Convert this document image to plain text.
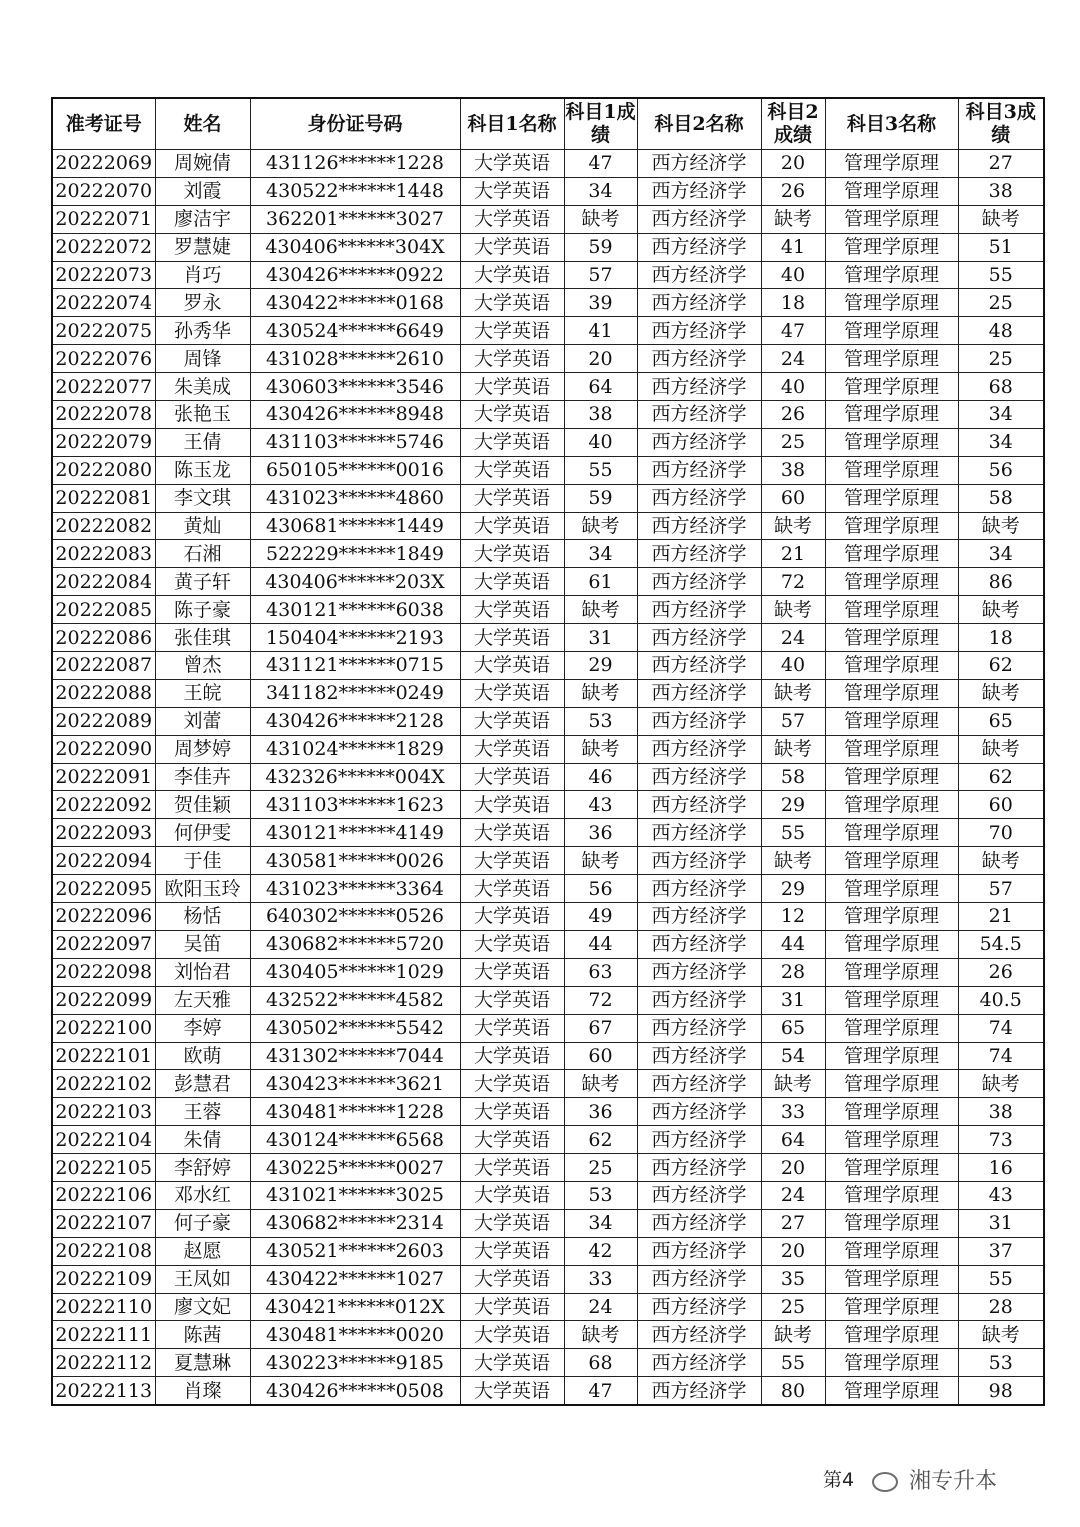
准考证号	姓名	身份证号码	科目1名称	科目1成绩	科目2名称	科目2成绩	科目3名称	科目3成绩
20222069	周婉倩	431126******1228	大学英语	47	西方经济学	20	管理学原理	27
20222070	刘霞	430522******1448	大学英语	34	西方经济学	26	管理学原理	38
20222071	廖洁宇	362201******3027	大学英语	缺考	西方经济学	缺考	管理学原理	缺考
20222072	罗慧婕	430406******304X	大学英语	59	西方经济学	41	管理学原理	51
20222073	肖巧	430426******0922	大学英语	57	西方经济学	40	管理学原理	55
20222074	罗永	430422******0168	大学英语	39	西方经济学	18	管理学原理	25
20222075	孙秀华	430524******6649	大学英语	41	西方经济学	47	管理学原理	48
20222076	周锋	431028******2610	大学英语	20	西方经济学	24	管理学原理	25
20222077	朱美成	430603******3546	大学英语	64	西方经济学	40	管理学原理	68
20222078	张艳玉	430426******8948	大学英语	38	西方经济学	26	管理学原理	34
20222079	王倩	431103******5746	大学英语	40	西方经济学	25	管理学原理	34
20222080	陈玉龙	650105******0016	大学英语	55	西方经济学	38	管理学原理	56
20222081	李文琪	431023******4860	大学英语	59	西方经济学	60	管理学原理	58
20222082	黄灿	430681******1449	大学英语	缺考	西方经济学	缺考	管理学原理	缺考
20222083	石湘	522229******1849	大学英语	34	西方经济学	21	管理学原理	34
20222084	黄子轩	430406******203X	大学英语	61	西方经济学	72	管理学原理	86
20222085	陈子豪	430121******6038	大学英语	缺考	西方经济学	缺考	管理学原理	缺考
20222086	张佳琪	150404******2193	大学英语	31	西方经济学	24	管理学原理	18
20222087	曾杰	431121******0715	大学英语	29	西方经济学	40	管理学原理	62
20222088	王皖	341182******0249	大学英语	缺考	西方经济学	缺考	管理学原理	缺考
20222089	刘蕾	430426******2128	大学英语	53	西方经济学	57	管理学原理	65
20222090	周梦婷	431024******1829	大学英语	缺考	西方经济学	缺考	管理学原理	缺考
20222091	李佳卉	432326******004X	大学英语	46	西方经济学	58	管理学原理	62
20222092	贺佳颖	431103******1623	大学英语	43	西方经济学	29	管理学原理	60
20222093	何伊雯	430121******4149	大学英语	36	西方经济学	55	管理学原理	70
20222094	于佳	430581******0026	大学英语	缺考	西方经济学	缺考	管理学原理	缺考
20222095	欧阳玉玲	431023******3364	大学英语	56	西方经济学	29	管理学原理	57
20222096	杨恬	640302******0526	大学英语	49	西方经济学	12	管理学原理	21
20222097	吴笛	430682******5720	大学英语	44	西方经济学	44	管理学原理	54.5
20222098	刘怡君	430405******1029	大学英语	63	西方经济学	28	管理学原理	26
20222099	左天雅	432522******4582	大学英语	72	西方经济学	31	管理学原理	40.5
20222100	李婷	430502******5542	大学英语	67	西方经济学	65	管理学原理	74
20222101	欧萌	431302******7044	大学英语	60	西方经济学	54	管理学原理	74
20222102	彭慧君	430423******3621	大学英语	缺考	西方经济学	缺考	管理学原理	缺考
20222103	王蓉	430481******1228	大学英语	36	西方经济学	33	管理学原理	38
20222104	朱倩	430124******6568	大学英语	62	西方经济学	64	管理学原理	73
20222105	李舒婷	430225******0027	大学英语	25	西方经济学	20	管理学原理	16
20222106	邓水红	431021******3025	大学英语	53	西方经济学	24	管理学原理	43
20222107	何子豪	430682******2314	大学英语	34	西方经济学	27	管理学原理	31
20222108	赵愿	430521******2603	大学英语	42	西方经济学	20	管理学原理	37
20222109	王凤如	430422******1027	大学英语	33	西方经济学	35	管理学原理	55
20222110	廖文妃	430421******012X	大学英语	24	西方经济学	25	管理学原理	28
20222111	陈茜	430481******0020	大学英语	缺考	西方经济学	缺考	管理学原理	缺考
20222112	夏慧琳	430223******9185	大学英语	68	西方经济学	55	管理学原理	53
20222113	肖璨	430426******0508	大学英语	47	西方经济学	80	管理学原理	98
第4	湘专升本
